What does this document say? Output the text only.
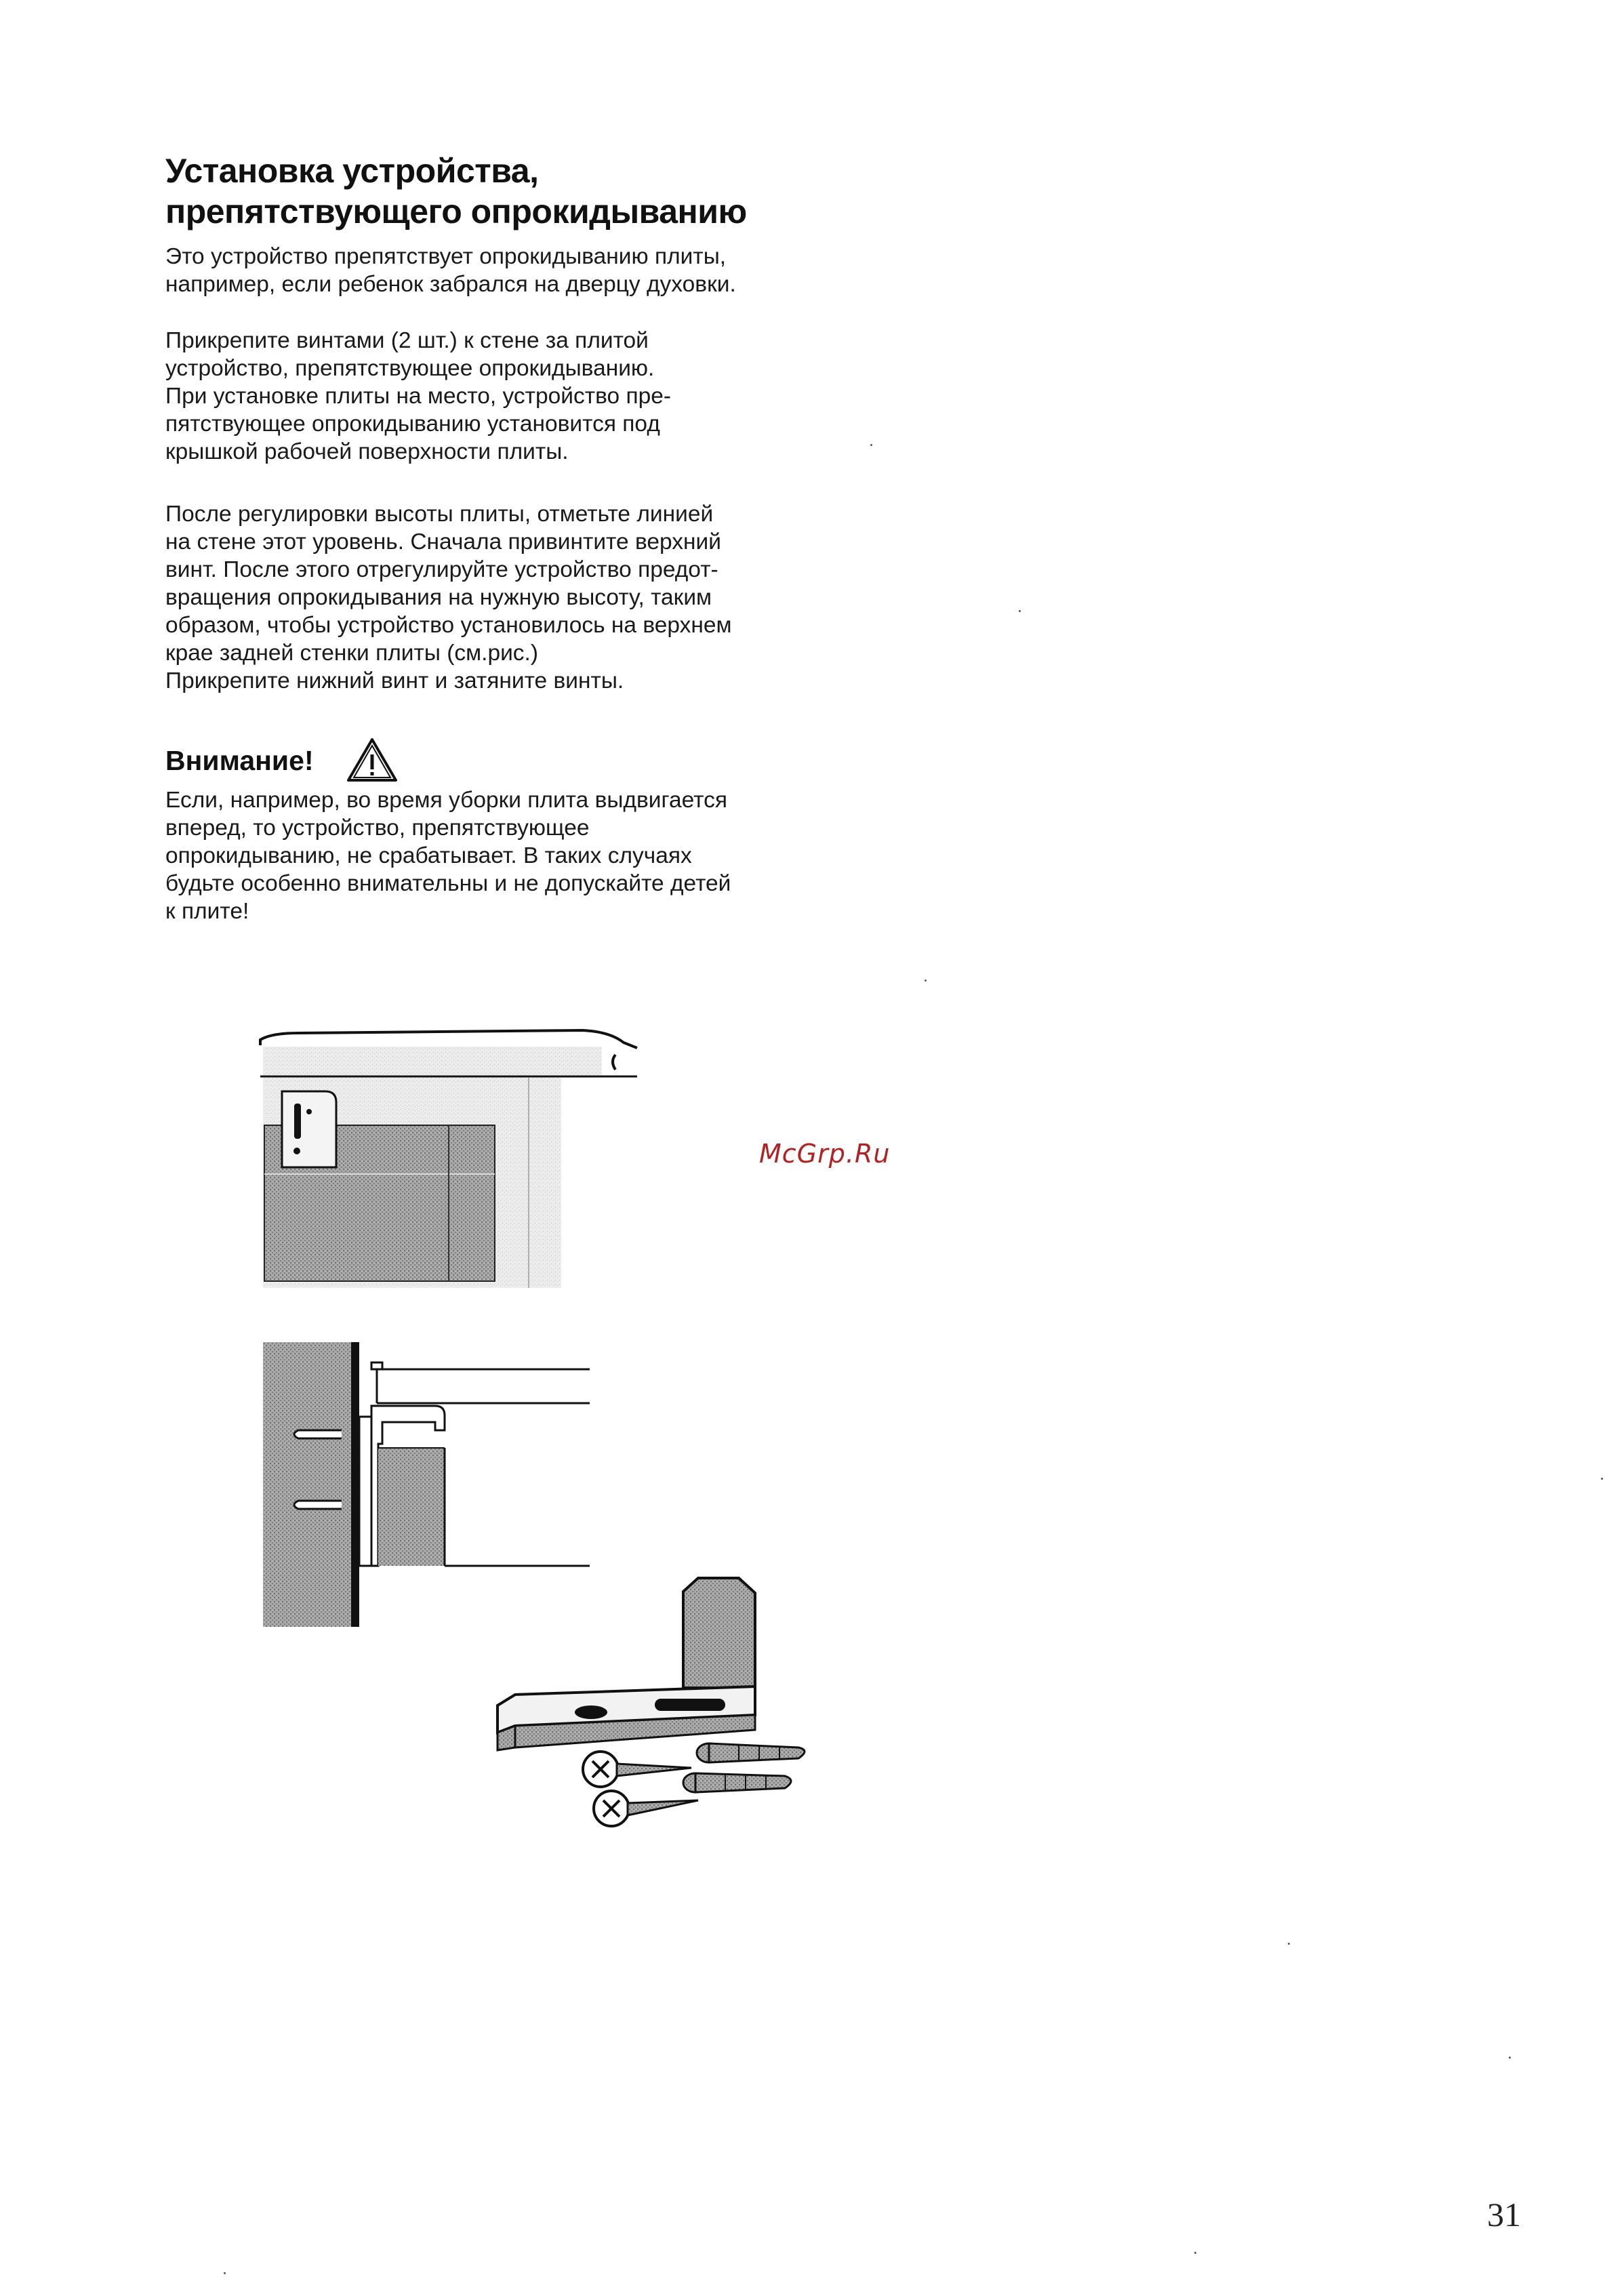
Установка устройства,
препятствующего опрокидыванию
Это устройство препятствует опрокидыванию плиты,
например, если ребенок забрался на дверцу духовки.
Прикрепите винтами (2 шт.) к стене за плитой
устройство, препятствующее опрокидыванию.
При установке плиты на место, устройство пре-
пятствующее опрокидыванию установится под
крышкой рабочей поверхности плиты.
После регулировки высоты плиты, отметьте линией
на стене этот уровень. Сначала привинтите верхний
винт. После этого отрегулируйте устройство предот-
вращения опрокидывания на нужную высоту, таким
образом, чтобы устройство установилось на верхнем
крае задней стенки плиты (см.рис.)
Прикрепите нижний винт и затяните винты.
Внимание!
Если, например, во время уборки плита выдвигается
вперед, то устройство, препятствующее
опрокидыванию, не срабатывает. В таких случаях
будьте особенно внимательны и не допускайте детей
к плите!
McGrp.Ru
31
